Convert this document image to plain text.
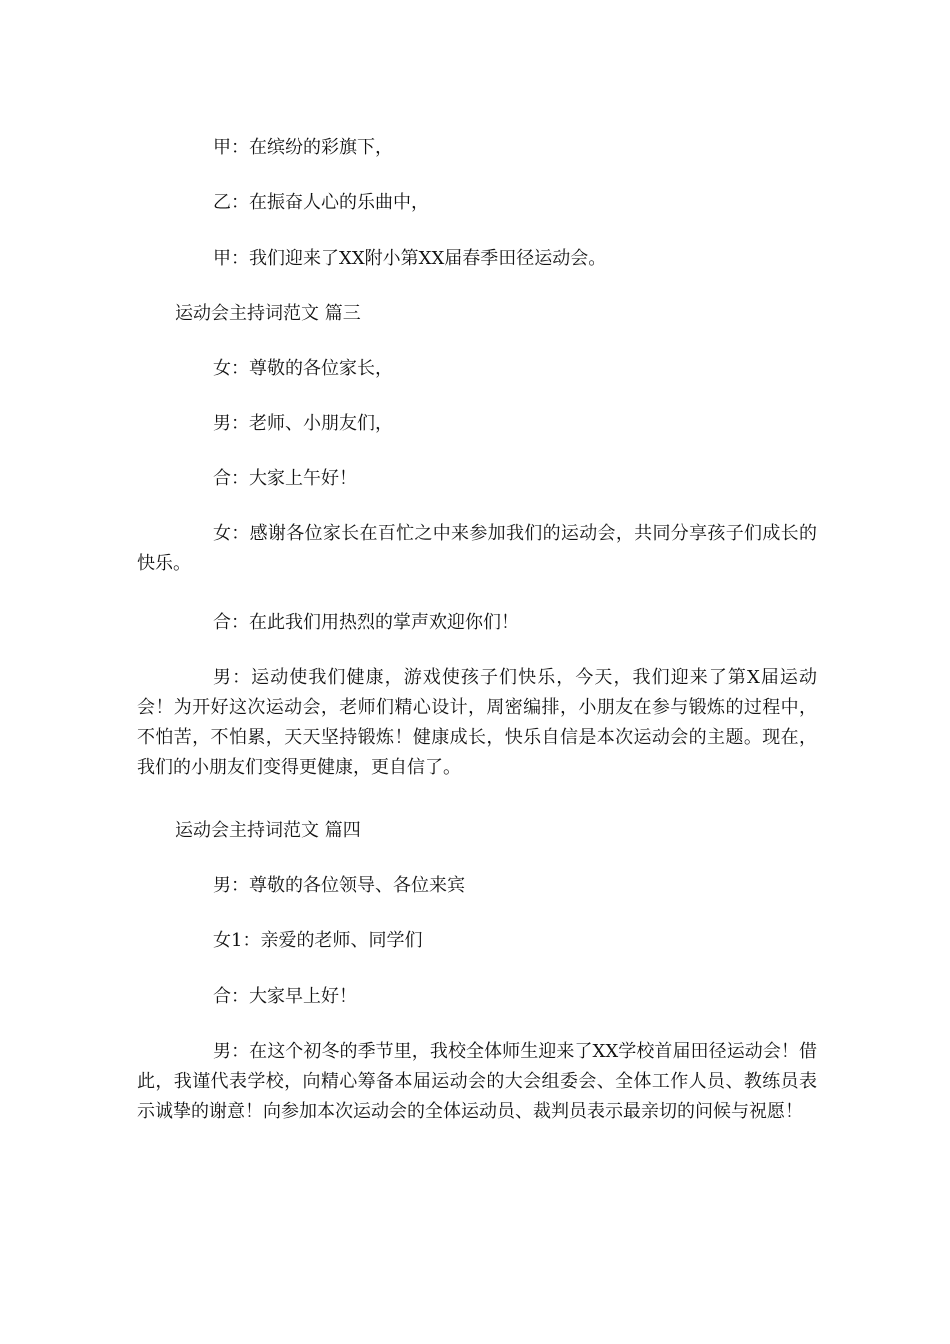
甲：在缤纷的彩旗下，

乙：在振奋人心的乐曲中，

甲：我们迎来了XX附小第XX届春季田径运动会。

运动会主持词范文 篇三

女：尊敬的各位家长，

男：老师、小朋友们，

合：大家上午好！

女：感谢各位家长在百忙之中来参加我们的运动会，共同分享孩子们成长的快乐。

合：在此我们用热烈的掌声欢迎你们！

男：运动使我们健康，游戏使孩子们快乐，今天，我们迎来了第X届运动会！为开好这次运动会，老师们精心设计，周密编排，小朋友在参与锻炼的过程中，不怕苦，不怕累，天天坚持锻炼！健康成长，快乐自信是本次运动会的主题。现在，我们的小朋友们变得更健康，更自信了。

运动会主持词范文 篇四

男：尊敬的各位领导、各位来宾

女1：亲爱的老师、同学们

合：大家早上好！

男：在这个初冬的季节里，我校全体师生迎来了XX学校首届田径运动会！借此，我谨代表学校，向精心筹备本届运动会的大会组委会、全体工作人员、教练员表示诚挚的谢意！向参加本次运动会的全体运动员、裁判员表示最亲切的问候与祝愿！
